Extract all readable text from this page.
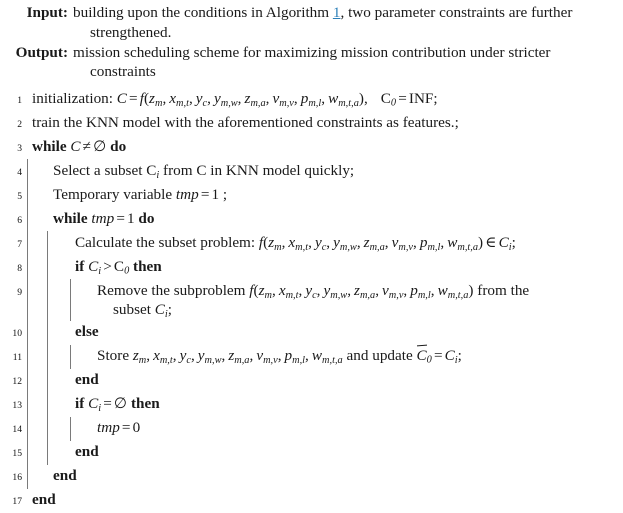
Input: building upon the conditions in Algorithm 1, two parameter constraints are further
strengthened.
Output: mission scheduling scheme for maximizing mission contribution under stricter
constraints
1 initialization: $C = f(z_m$, $x_{m,t}$, $y_c$, $y_{m,w}$, $z_{m,a}$, $v_{m,v}$, $p_{m,l}$, $w_{m,t,a}$), $C_0$ = INF;
2 train the KNN model with the aforementioned constraints as features.;
3 while C ≠ ∅ do
4	Select a subset $C_i$ from C in KNN model quickly;
5	Temporary variable tmp = 1 ;
6	while tmp = 1 do
7	Calculate the subset problem: $f(z_m$, $x_{m,t}$, $y_c$, $y_{m,w}$, $z_{m,a}$, $v_{m,v}$, $p_{m,l}$, $w_{m,t,a}$) ∈ $C_i$;
8	if $C_i > C_0$ then
9	Remove the subproblem $f(z_m$, $x_{m,t}$, $y_c$, $y_{m,w}$, $z_{m,a}$, $v_{m,v}$, $p_{m,l}$, $w_{m,t,a}$) from the
subset $C_i$;
10	else
11	Store $z_m$, $x_{m,t}$, $y_c$, $y_{m,w}$, $z_{m,a}$, $v_{m,v}$, $p_{m,l}$, $w_{m,t,a}$ and update $C_0 = C_i$;
12	end
13	if $C_i$ = ∅ then
14	tmp = 0
15	end
16	end
17 end
